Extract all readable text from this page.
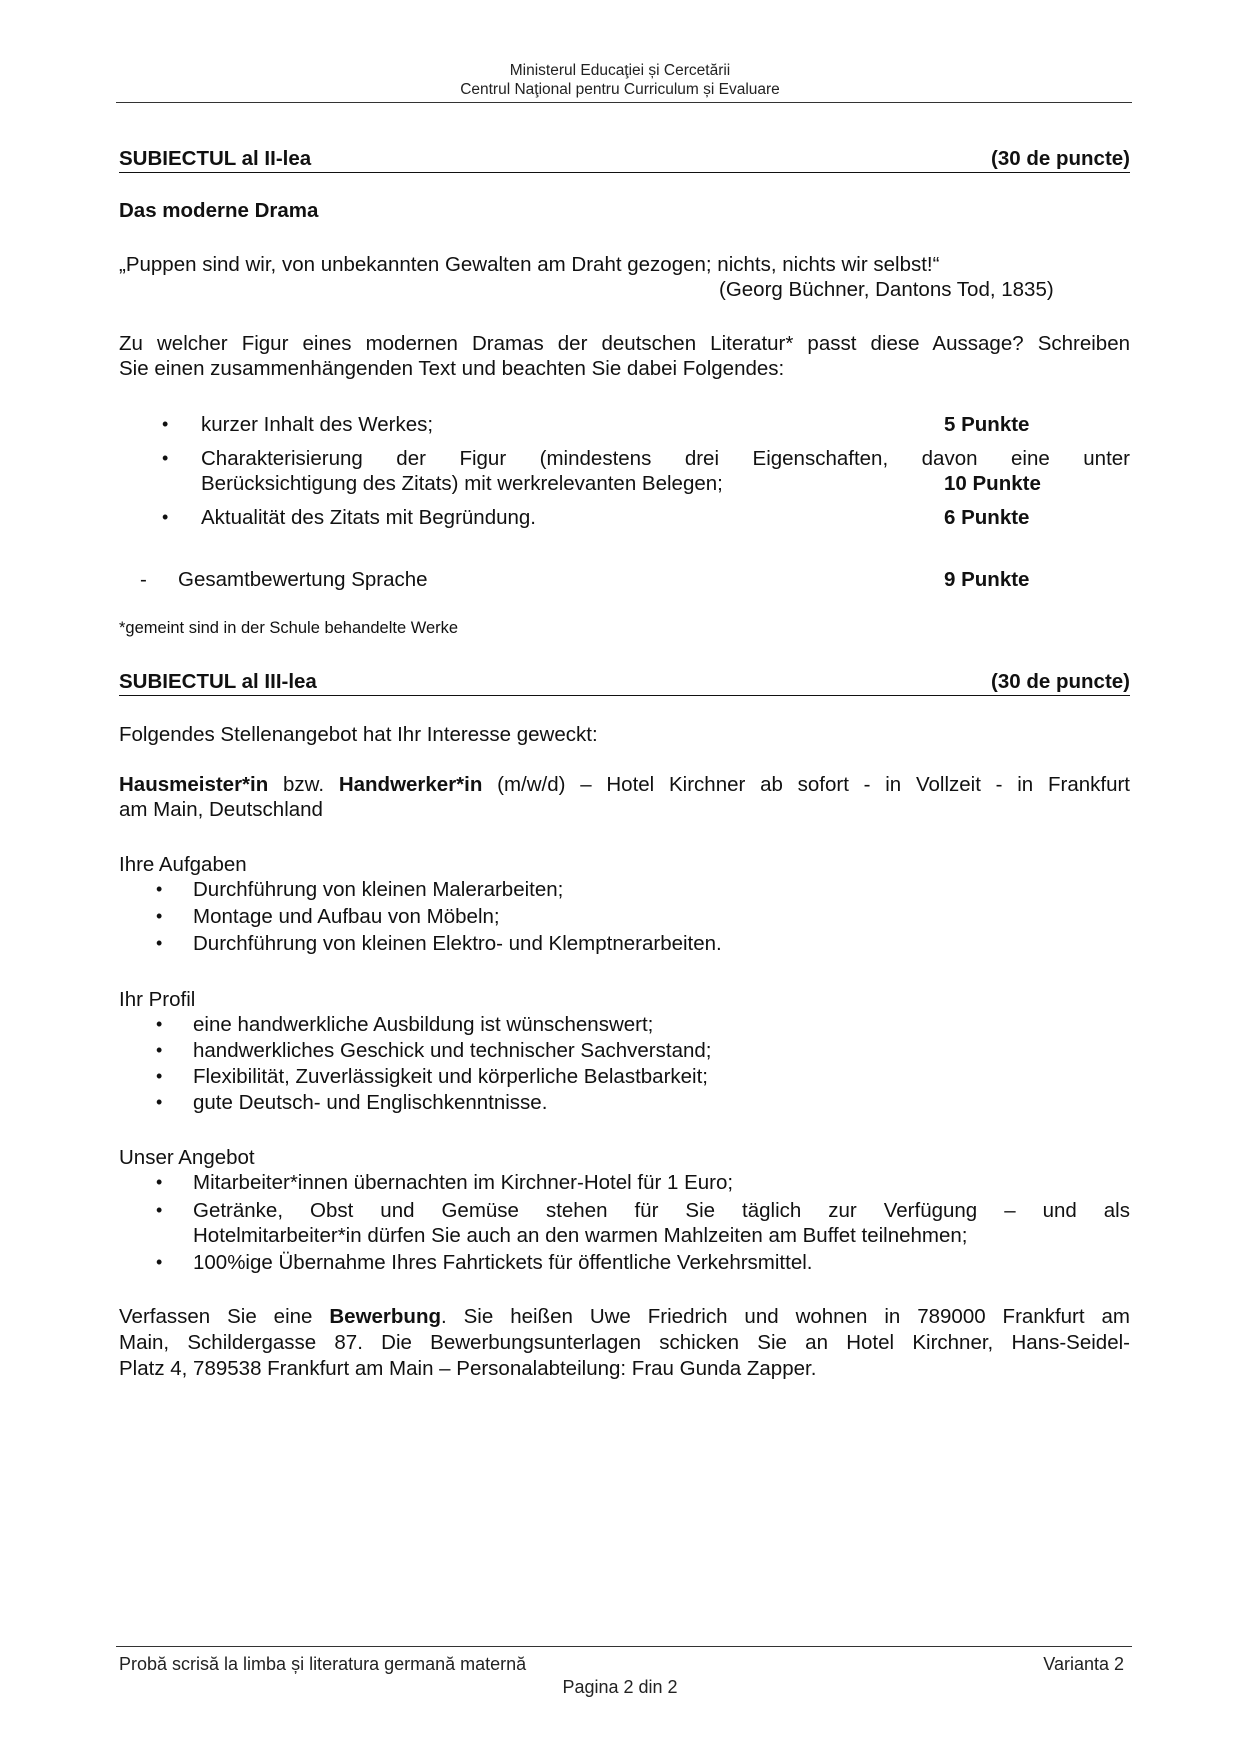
Ministerul Educaţiei și Cercetării
Centrul Naţional pentru Curriculum și Evaluare
SUBIECTUL al II-lea	(30 de puncte)
Das moderne Drama
„Puppen sind wir, von unbekannten Gewalten am Draht gezogen; nichts, nichts wir selbst!“
(Georg Büchner, Dantons Tod, 1835)
Zu welcher Figur eines modernen Dramas der deutschen Literatur* passt diese Aussage? Schreiben
Sie einen zusammenhängenden Text und beachten Sie dabei Folgendes:
• kurzer Inhalt des Werkes;	5 Punkte
• Charakterisierung der Figur (mindestens drei Eigenschaften, davon eine unter
Berücksichtigung des Zitats) mit werkrelevanten Belegen;	10 Punkte
• Aktualität des Zitats mit Begründung.	6 Punkte
- Gesamtbewertung Sprache	9 Punkte
*gemeint sind in der Schule behandelte Werke
SUBIECTUL al III-lea	(30 de puncte)
Folgendes Stellenangebot hat Ihr Interesse geweckt:
Hausmeister*in bzw. Handwerker*in (m/w/d) – Hotel Kirchner ab sofort - in Vollzeit - in Frankfurt
am Main, Deutschland
Ihre Aufgaben
• Durchführung von kleinen Malerarbeiten;
• Montage und Aufbau von Möbeln;
• Durchführung von kleinen Elektro- und Klemptnerarbeiten.
Ihr Profil
• eine handwerkliche Ausbildung ist wünschenswert;
• handwerkliches Geschick und technischer Sachverstand;
• Flexibilität, Zuverlässigkeit und körperliche Belastbarkeit;
• gute Deutsch- und Englischkenntnisse.
Unser Angebot
• Mitarbeiter*innen übernachten im Kirchner-Hotel für 1 Euro;
• Getränke, Obst und Gemüse stehen für Sie täglich zur Verfügung – und als
Hotelmitarbeiter*in dürfen Sie auch an den warmen Mahlzeiten am Buffet teilnehmen;
• 100%ige Übernahme Ihres Fahrtickets für öffentliche Verkehrsmittel.
Verfassen Sie eine Bewerbung. Sie heißen Uwe Friedrich und wohnen in 789000 Frankfurt am
Main, Schildergasse 87. Die Bewerbungsunterlagen schicken Sie an Hotel Kirchner, Hans-Seidel-
Platz 4, 789538 Frankfurt am Main – Personalabteilung: Frau Gunda Zapper.
Probă scrisă la limba și literatura germană maternă	Varianta 2
Pagina 2 din 2
